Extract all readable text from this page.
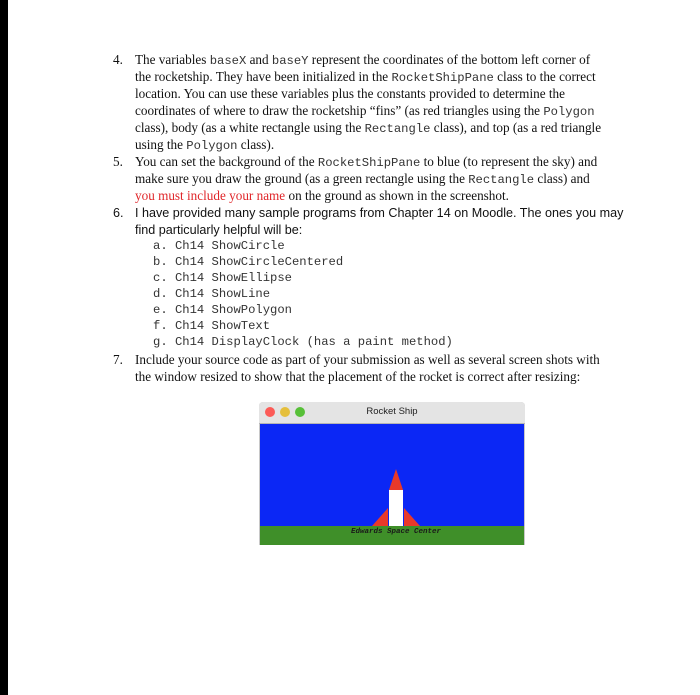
4. The variables baseX and baseY represent the coordinates of the bottom left corner of
the rocketship. They have been initialized in the RocketShipPane class to the correct
location. You can use these variables plus the constants provided to determine the
coordinates of where to draw the rocketship “fins” (as red triangles using the Polygon
class), body (as a white rectangle using the Rectangle class), and top (as a red triangle
using the Polygon class).
5. You can set the background of the RocketShipPane to blue (to represent the sky) and
make sure you draw the ground (as a green rectangle using the Rectangle class) and
you must include your name on the ground as shown in the screenshot.
6. I have provided many sample programs from Chapter 14 on Moodle. The ones you may
find particularly helpful will be:
a. Ch14 ShowCircle
b. Ch14 ShowCircleCentered
c. Ch14 ShowEllipse
d. Ch14 ShowLine
e. Ch14 ShowPolygon
f. Ch14 ShowText
g. Ch14 DisplayClock (has a paint method)
7. Include your source code as part of your submission as well as several screen shots with
the window resized to show that the placement of the rocket is correct after resizing:
Rocket Ship
Edwards Space Center
